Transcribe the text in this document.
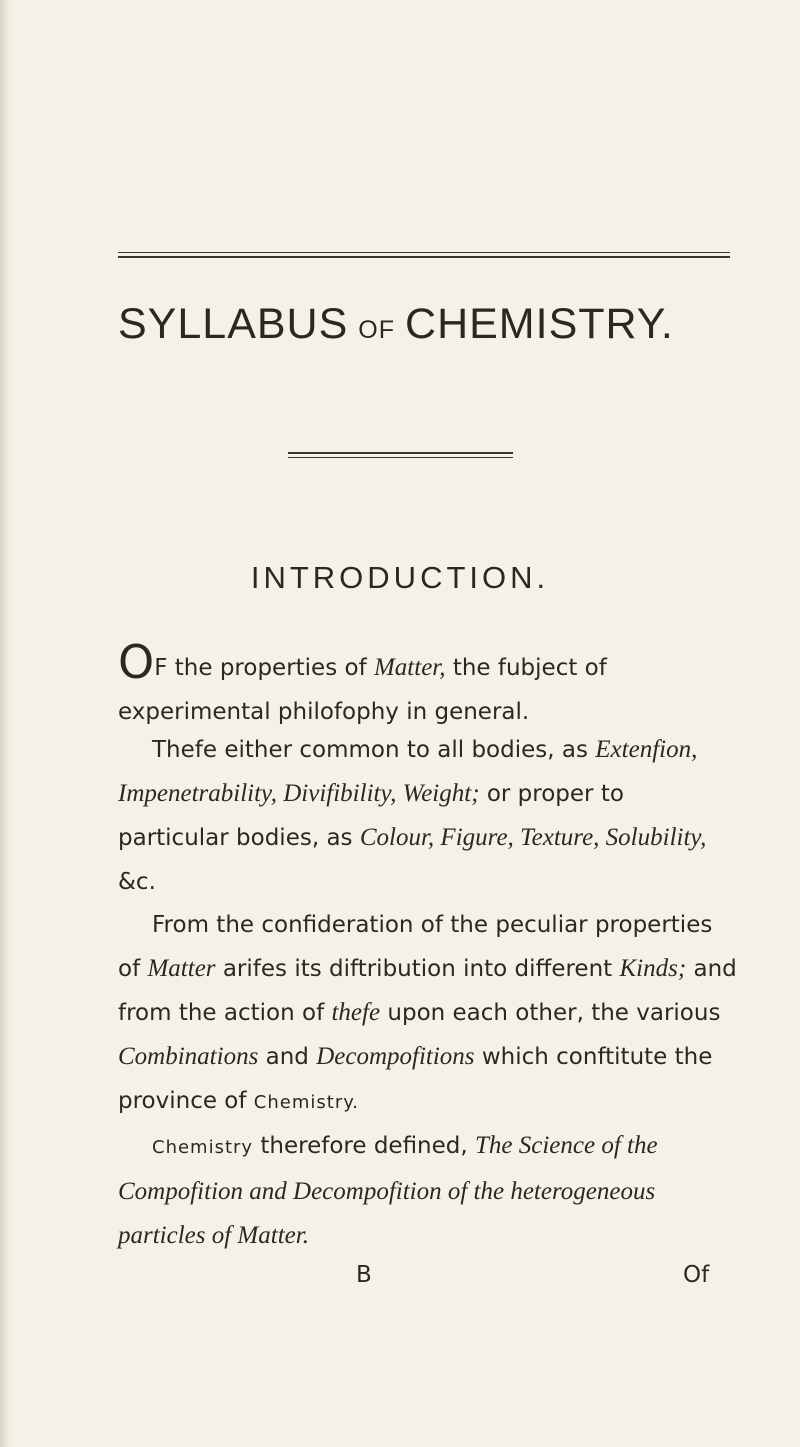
SYLLABUS OF CHEMISTRY.
INTRODUCTION.
OF the properties of Matter, the fubject of experimental philofophy in general.
Thefe either common to all bodies, as Extenfion, Impenetrability, Divifibility, Weight; or proper to particular bodies, as Colour, Figure, Texture, Solubility, &c.
From the confideration of the peculiar properties of Matter arifes its diftribution into different Kinds; and from the action of thefe upon each other, the various Combinations and Decompofitions which conftitute the province of Chemistry.
Chemistry therefore defined, The Science of the Compofition and Decompofition of the heterogeneous particles of Matter.
B	Of
